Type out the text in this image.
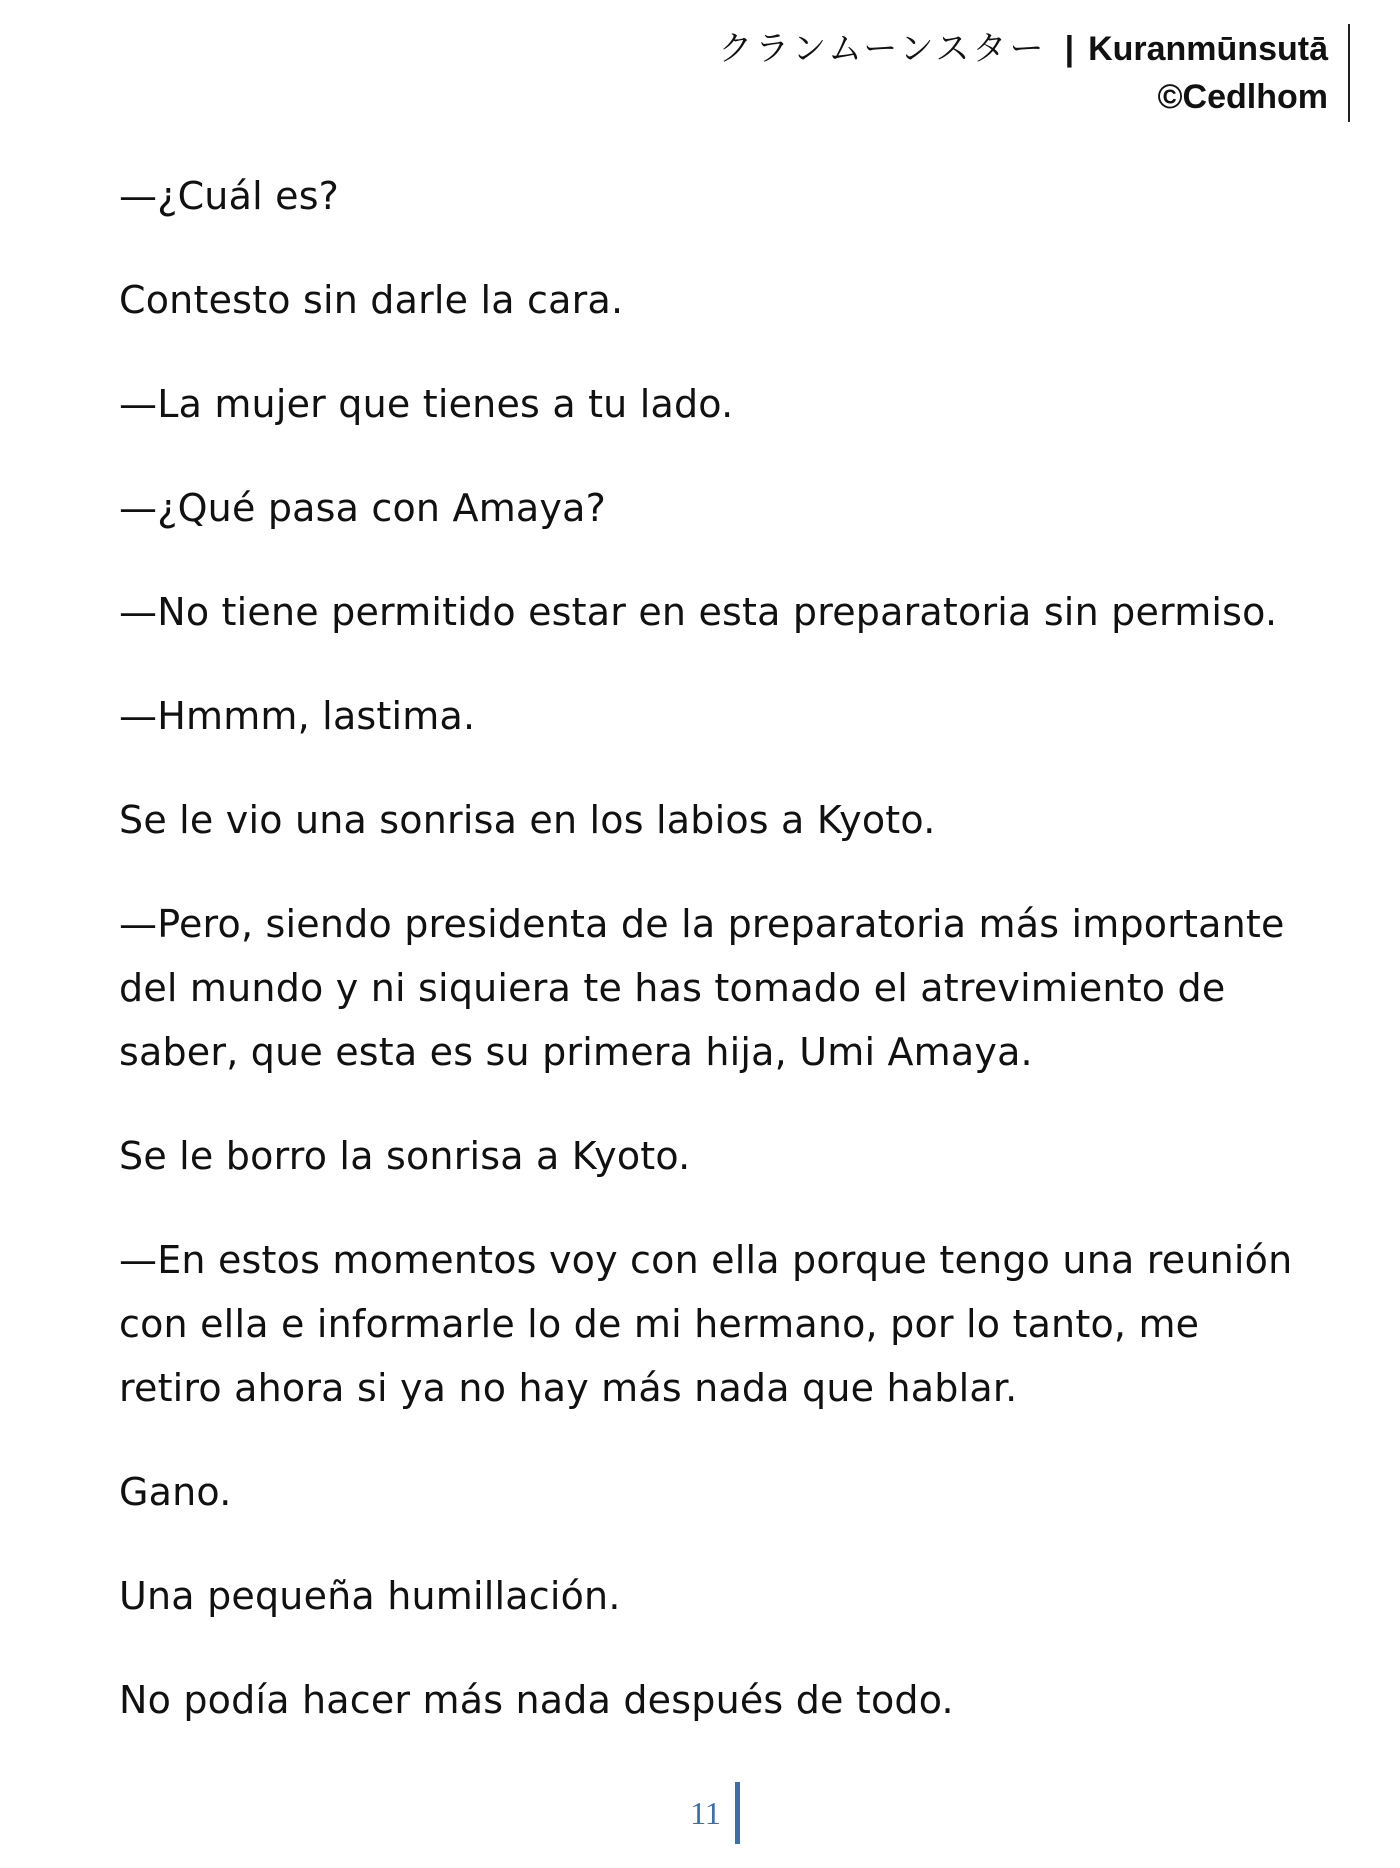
クランムーンスター | Kuranmūnsutā
©Cedlhom

—¿Cuál es?

Contesto sin darle la cara.

—La mujer que tienes a tu lado.

—¿Qué pasa con Amaya?

—No tiene permitido estar en esta preparatoria sin permiso.

—Hmmm, lastima.

Se le vio una sonrisa en los labios a Kyoto.

—Pero, siendo presidenta de la preparatoria más importante del mundo y ni siquiera te has tomado el atrevimiento de saber, que esta es su primera hija, Umi Amaya.

Se le borro la sonrisa a Kyoto.

—En estos momentos voy con ella porque tengo una reunión con ella e informarle lo de mi hermano, por lo tanto, me retiro ahora si ya no hay más nada que hablar.

Gano.

Una pequeña humillación.

No podía hacer más nada después de todo.

11
